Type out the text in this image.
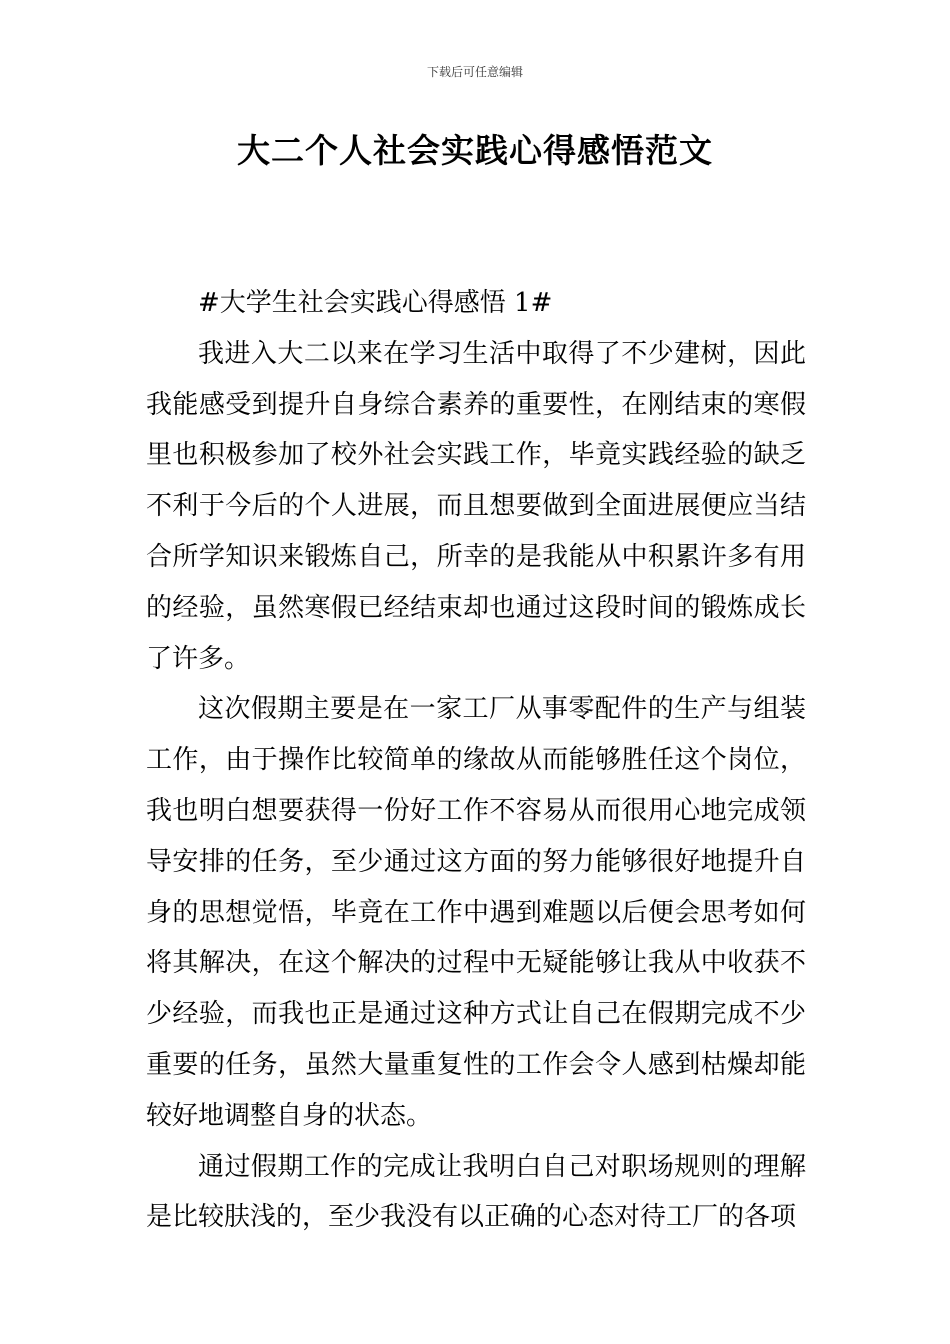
下载后可任意编辑
大二个人社会实践心得感悟范文

#大学生社会实践心得感悟 1#

我进入大二以来在学习生活中取得了不少建树，因此我能感受到提升自身综合素养的重要性，在刚结束的寒假里也积极参加了校外社会实践工作，毕竟实践经验的缺乏不利于今后的个人进展，而且想要做到全面进展便应当结合所学知识来锻炼自己，所幸的是我能从中积累许多有用的经验，虽然寒假已经结束却也通过这段时间的锻炼成长了许多。

这次假期主要是在一家工厂从事零配件的生产与组装工作，由于操作比较简单的缘故从而能够胜任这个岗位，我也明白想要获得一份好工作不容易从而很用心地完成领导安排的任务，至少通过这方面的努力能够很好地提升自身的思想觉悟，毕竟在工作中遇到难题以后便会思考如何将其解决，在这个解决的过程中无疑能够让我从中收获不少经验，而我也正是通过这种方式让自己在假期完成不少重要的任务，虽然大量重复性的工作会令人感到枯燥却能较好地调整自身的状态。

通过假期工作的完成让我明白自己对职场规则的理解是比较肤浅的，至少我没有以正确的心态对待工厂的各项
